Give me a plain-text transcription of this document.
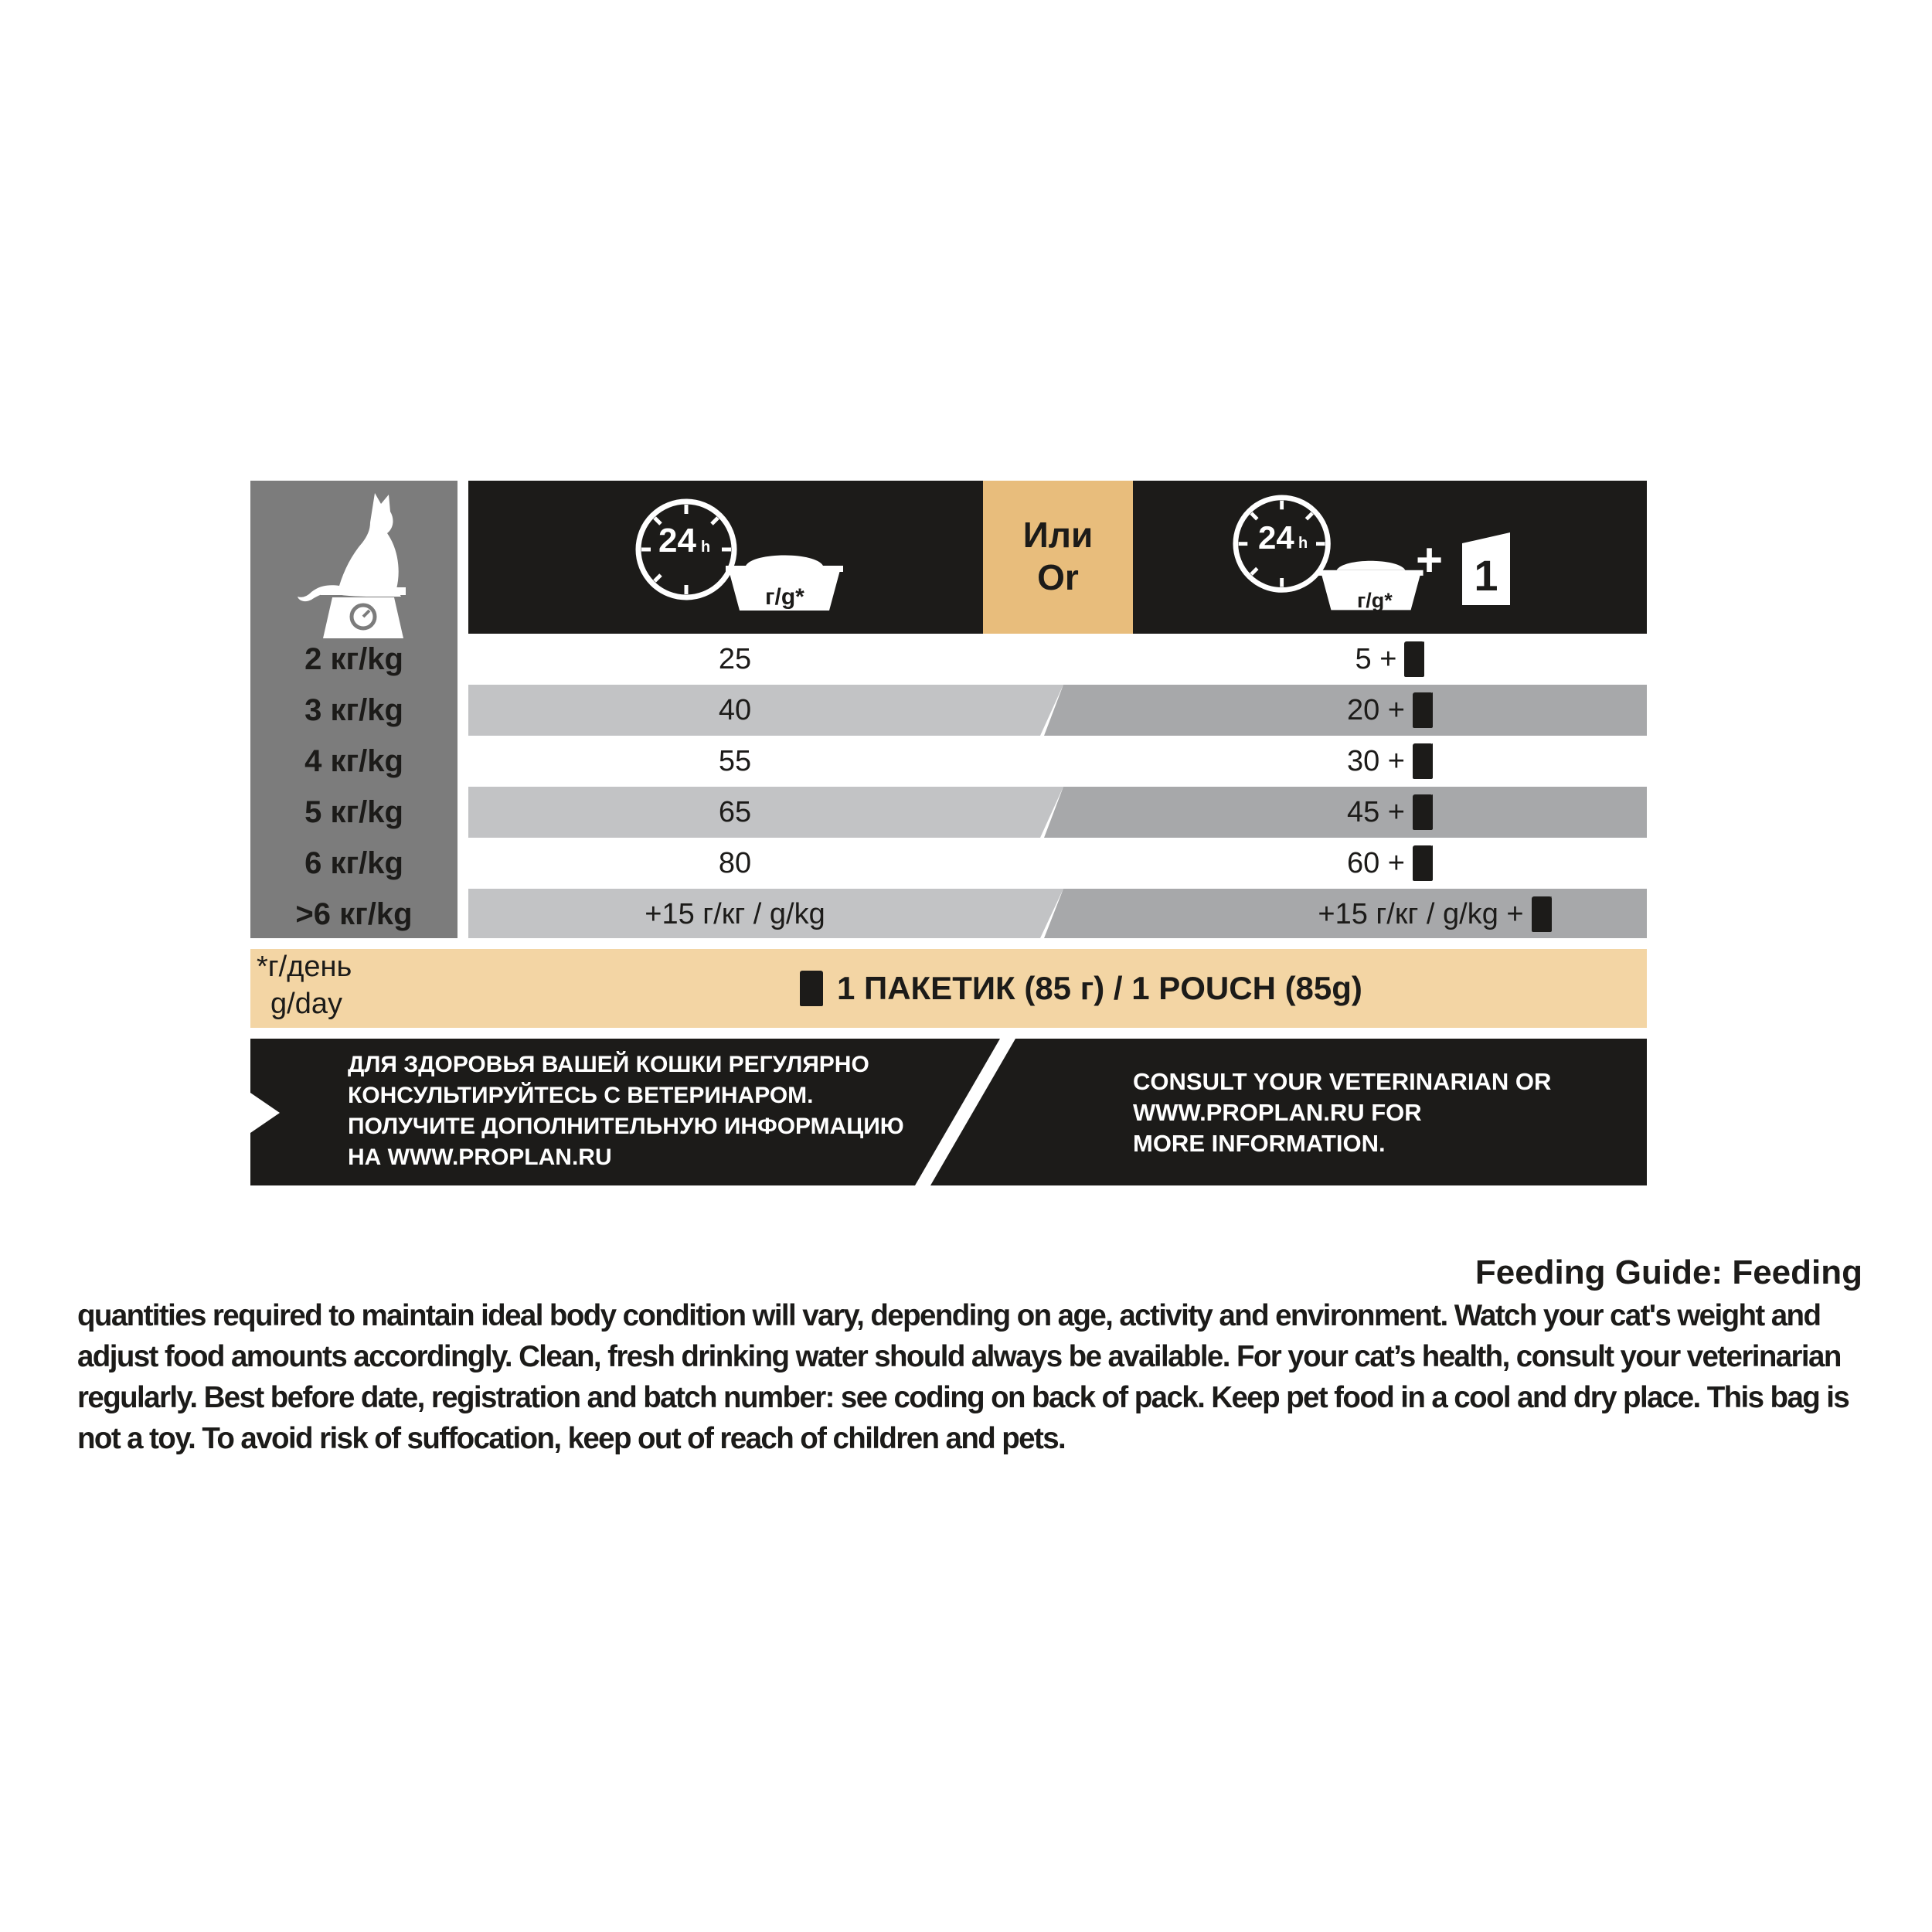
24 h
г/g*
Или
Or
24 h
г/g*
+ 1
2 кг/kg	25	5 +
3 кг/kg	40	20 +
4 кг/kg	55	30 +
5 кг/kg	65	45 +
6 кг/kg	80	60 +
>6 кг/kg	+15 г/кг / g/kg	+15 г/кг / g/kg +
*г/день
g/day	1 ПАКЕТИК (85 г) / 1 POUCH (85g)
ДЛЯ ЗДОРОВЬЯ ВАШЕЙ КОШКИ РЕГУЛЯРНО
КОНСУЛЬТИРУЙТЕСЬ С ВЕТЕРИНАРОМ.
ПОЛУЧИТЕ ДОПОЛНИТЕЛЬНУЮ ИНФОРМАЦИЮ
НА WWW.PROPLAN.RU
CONSULT YOUR VETERINARIAN OR
WWW.PROPLAN.RU FOR
MORE INFORMATION.
Feeding Guide: Feeding
quantities required to maintain ideal body condition will vary, depending on age, activity and environment. Watch your cat's weight and
adjust food amounts accordingly. Clean, fresh drinking water should always be available. For your cat’s health, consult your veterinarian
regularly. Best before date, registration and batch number: see coding on back of pack. Keep pet food in a cool and dry place. This bag is
not a toy. To avoid risk of suffocation, keep out of reach of children and pets.
